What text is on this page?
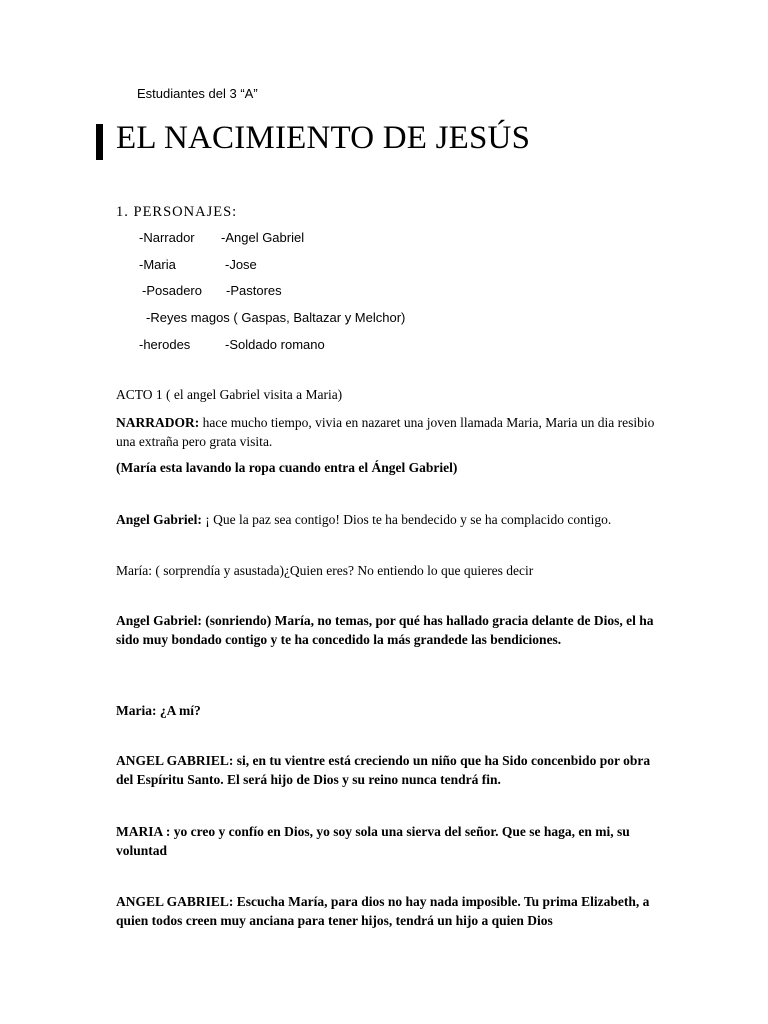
Estudiantes del 3 “A”
EL NACIMIENTO DE JESÚS
1. PERSONAJES:
-Narrador -Angel Gabriel
-Maria	-Jose
-Posadero -Pastores
-Reyes magos ( Gaspas, Baltazar y Melchor)
-herodes	-Soldado romano
ACTO 1 ( el angel Gabriel visita a Maria)
NARRADOR: hace mucho tiempo, vivia en nazaret una joven llamada Maria, Maria un dia resibio una extraña pero grata visita.
(María esta lavando la ropa cuando entra el Ángel Gabriel)
Angel Gabriel: ¡ Que la paz sea contigo! Dios te ha bendecido y se ha complacido contigo.
María: ( sorprendía y asustada)¿Quien eres? No entiendo lo que quieres decir
Angel Gabriel: (sonriendo) María, no temas, por qué has hallado gracia delante de Dios, el ha sido muy bondado contigo y te ha concedido la más grandede las bendiciones.
Maria: ¿A mí?
ANGEL GABRIEL: si, en tu vientre está creciendo un niño que ha Sido concenbido por obra del Espíritu Santo. El será hijo de Dios y su reino nunca tendrá fin.
MARIA : yo creo y confío en Dios, yo soy sola una sierva del señor. Que se haga, en mi, su voluntad
ANGEL GABRIEL: Escucha María, para dios no hay nada imposible. Tu prima Elizabeth, a quien todos creen muy anciana para tener hijos, tendrá un hijo a quien Dios
